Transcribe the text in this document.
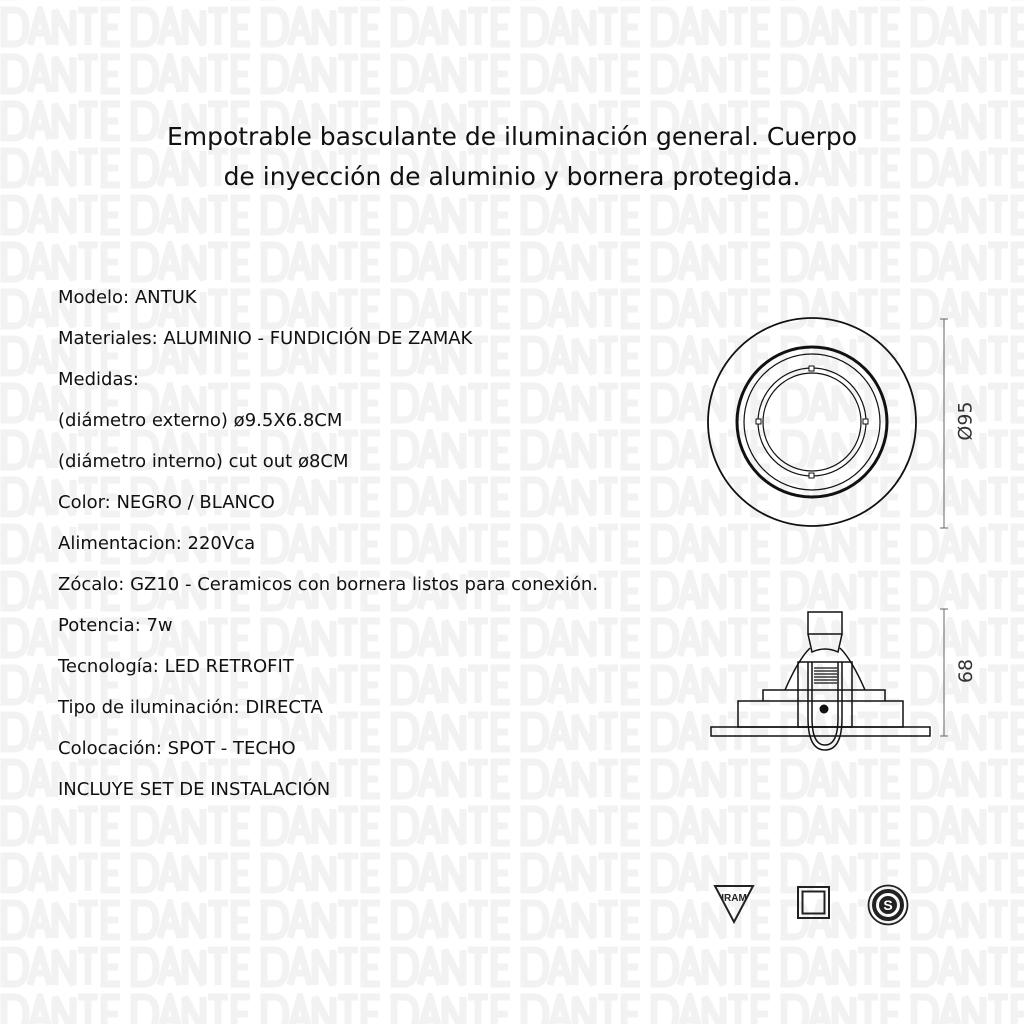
Empotrable basculante de iluminación general. Cuerpo
de inyección de aluminio y bornera protegida.
Modelo: ANTUK
Materiales: ALUMINIO - FUNDICIÓN DE ZAMAK
Medidas:
(diámetro externo) ø9.5X6.8CM
(diámetro interno) cut out ø8CM
Color: NEGRO / BLANCO
Alimentacion: 220Vca
Zócalo: GZ10 - Ceramicos con bornera listos para conexión.
Potencia: 7w
Tecnología: LED RETROFIT
Tipo de iluminación: DIRECTA
Colocación: SPOT - TECHO
INCLUYE SET DE INSTALACIÓN
Ø95
68
IRAM	S
